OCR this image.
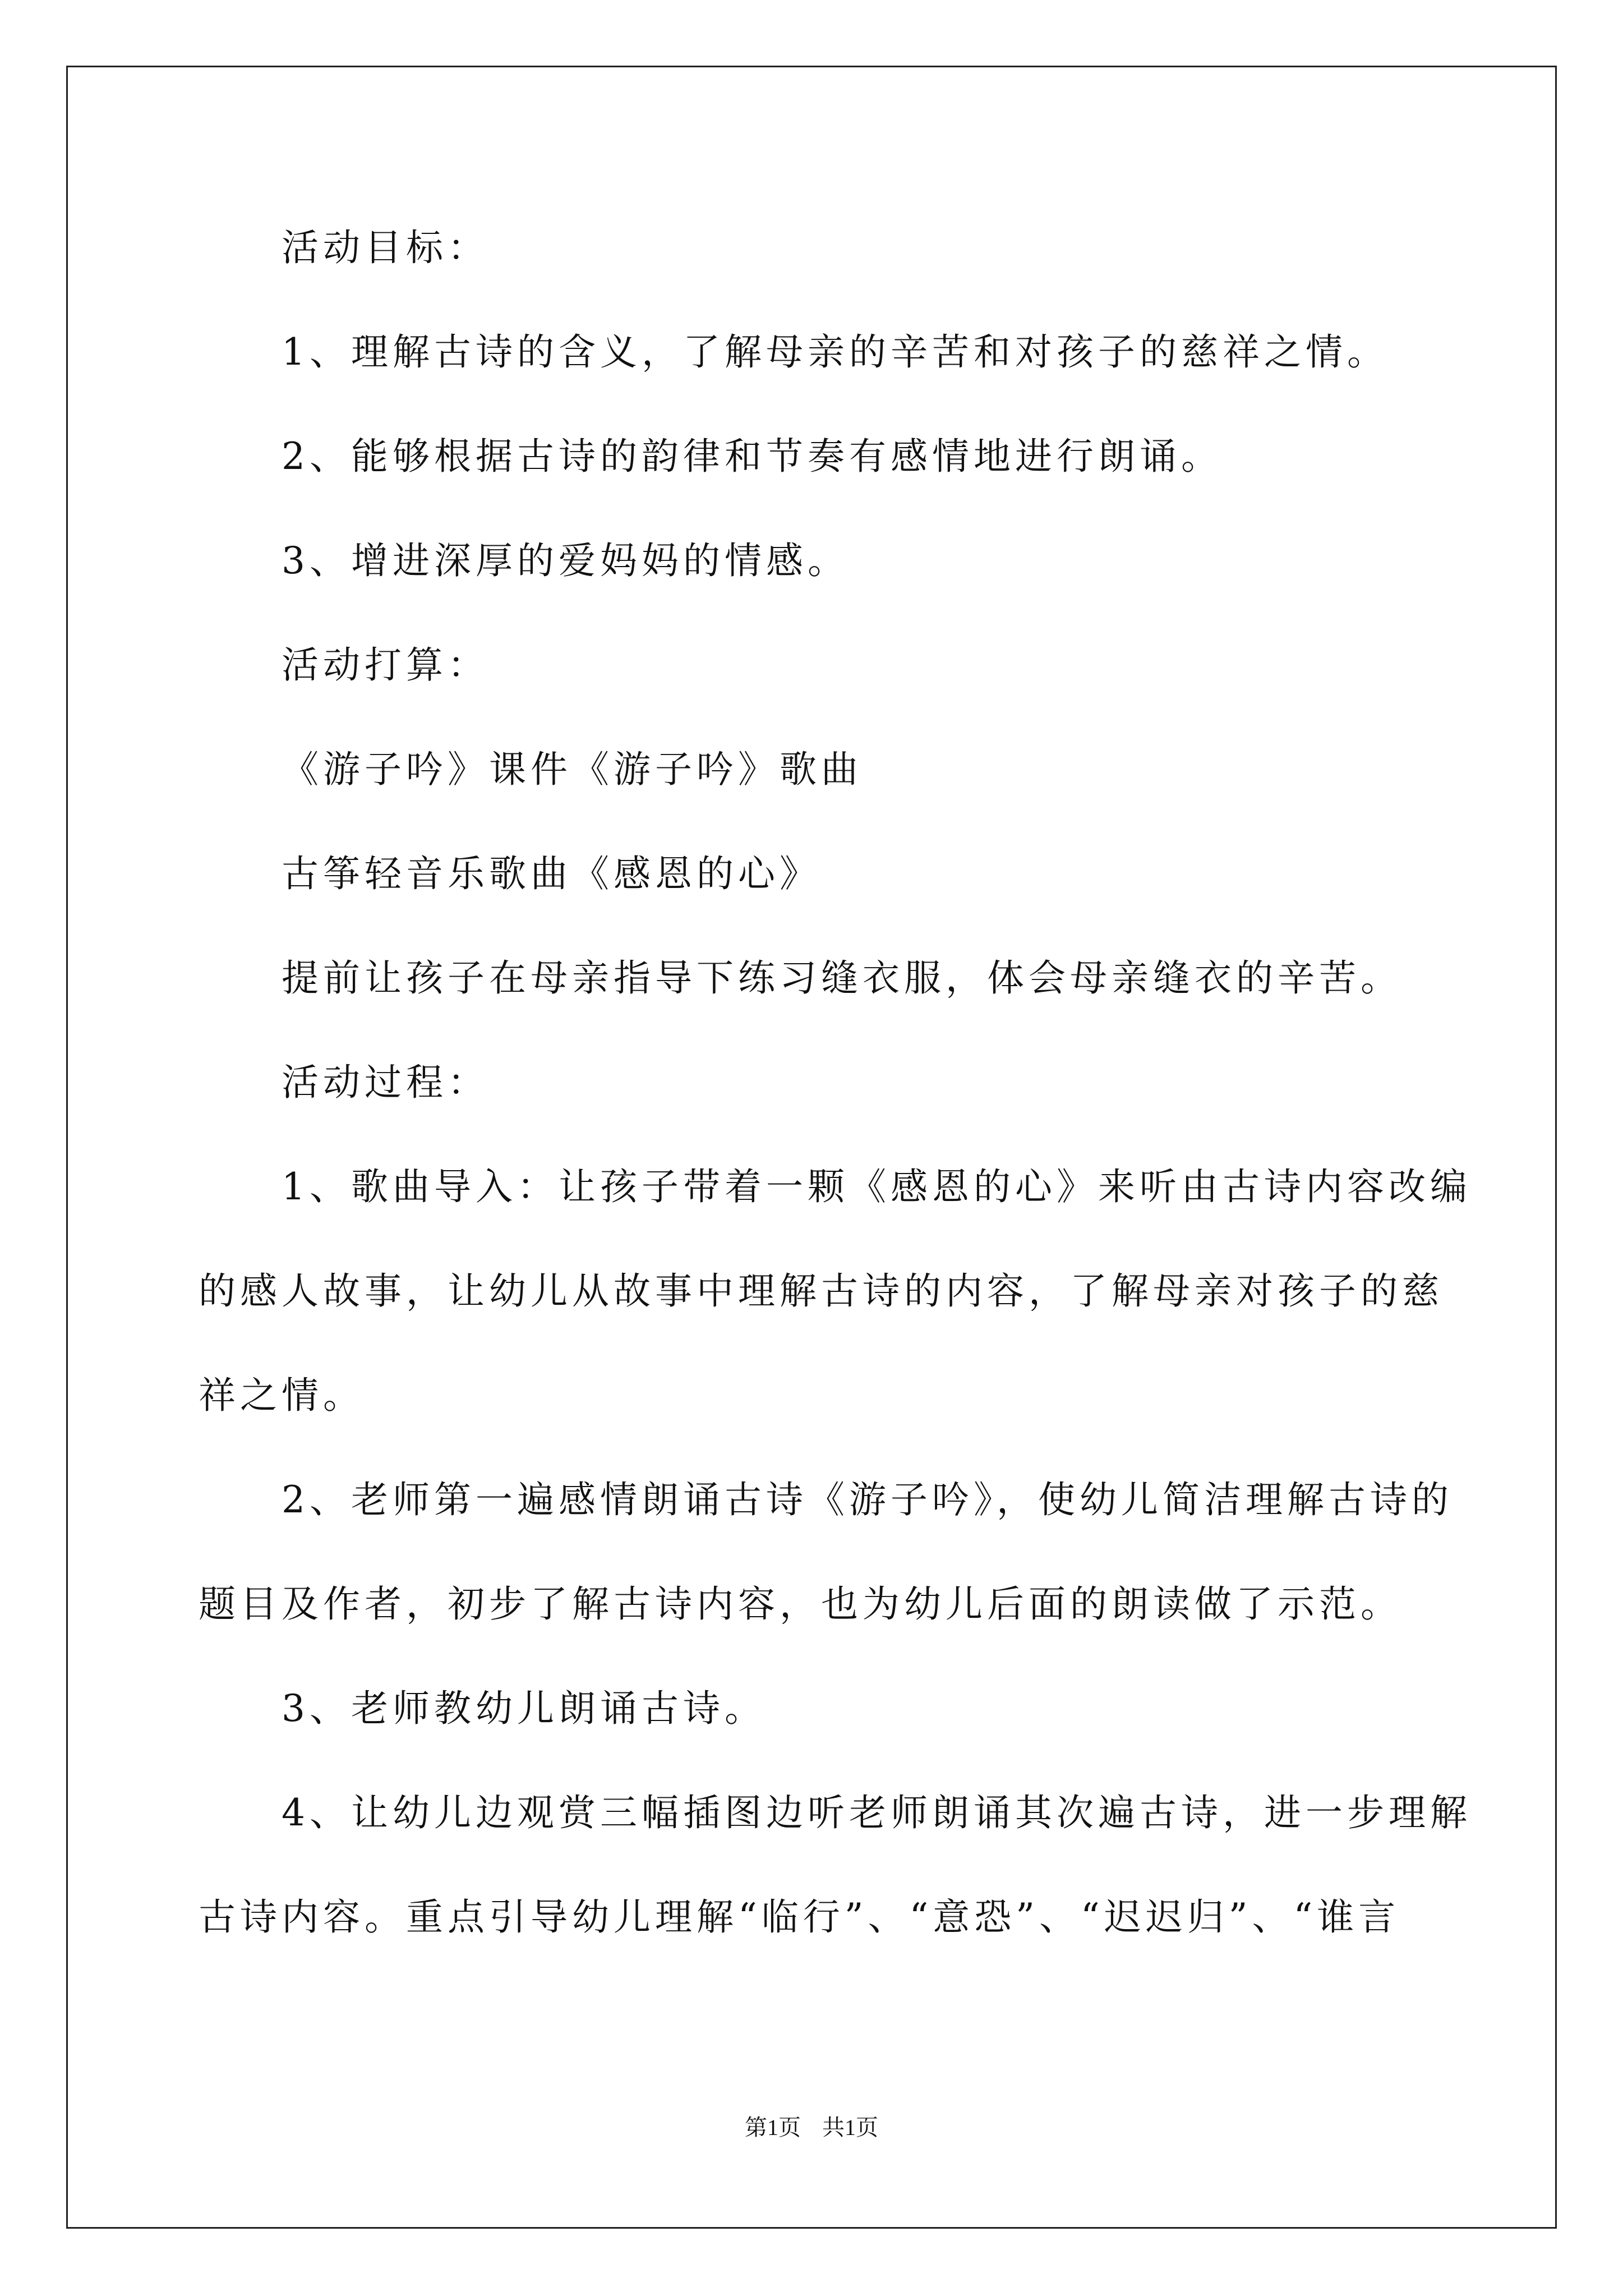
活动目标：

1、理解古诗的含义，了解母亲的辛苦和对孩子的慈祥之情。

2、能够根据古诗的韵律和节奏有感情地进行朗诵。

3、增进深厚的爱妈妈的情感。

活动打算：

《游子吟》课件《游子吟》歌曲

古筝轻音乐歌曲《感恩的心》

提前让孩子在母亲指导下练习缝衣服，体会母亲缝衣的辛苦。

活动过程：

1、歌曲导入：让孩子带着一颗《感恩的心》来听由古诗内容改编

的感人故事，让幼儿从故事中理解古诗的内容，了解母亲对孩子的慈

祥之情。

2、老师第一遍感情朗诵古诗《游子吟》，使幼儿简洁理解古诗的

题目及作者，初步了解古诗内容，也为幼儿后面的朗读做了示范。

3、老师教幼儿朗诵古诗。

4、让幼儿边观赏三幅插图边听老师朗诵其次遍古诗，进一步理解

古诗内容。重点引导幼儿理解“临行”、“意恐”、“迟迟归”、“谁言

第1页 共1页
